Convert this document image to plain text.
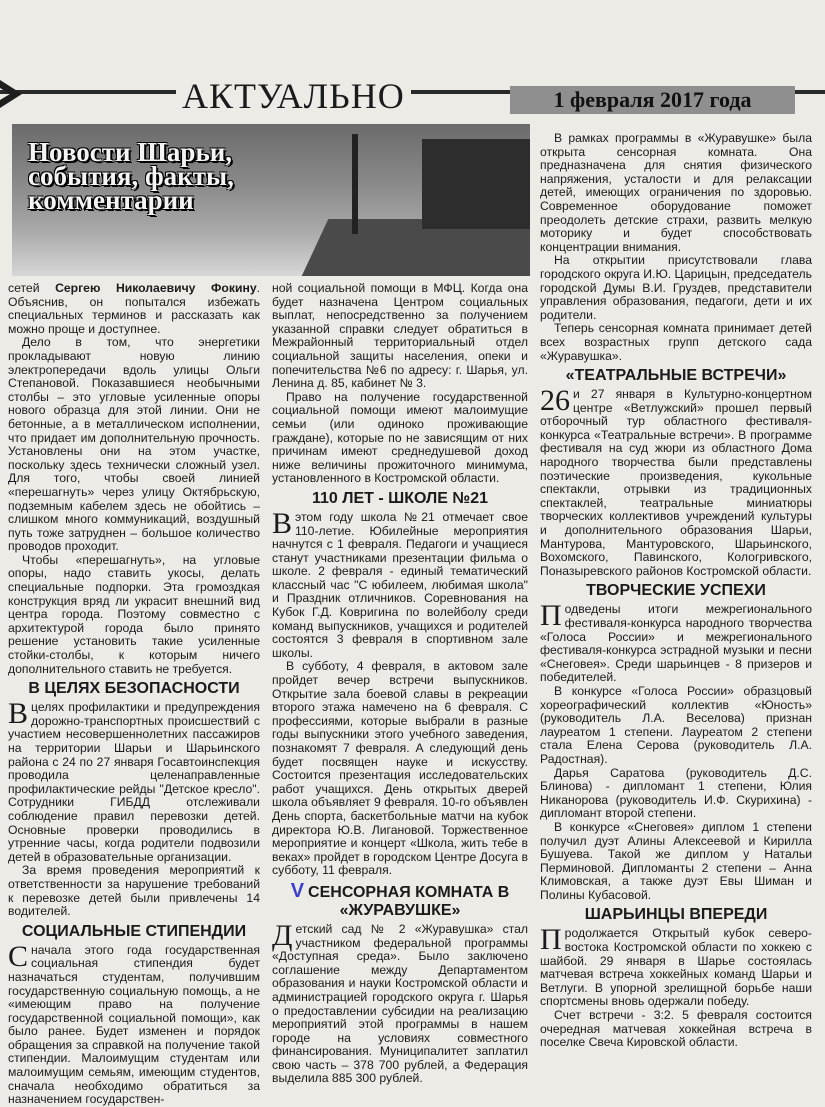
АКТУАЛЬНО	1 февраля 2017 года
Новости Шарьи, события, факты, комментарии

сетей Сергею Николаевичу Фокину. Объяснив, он попытался избежать специальных терминов и рассказать как можно проще и доступнее.

Дело в том, что энергетики прокладывают новую линию электропередачи вдоль улицы Ольги Степановой. Показавшиеся необычными столбы – это угловые усиленные опоры нового образца для этой линии. Они не бетонные, а в металлическом исполнении, что придает им дополнительную прочность. Установлены они на этом участке, поскольку здесь технически сложный узел. Для того, чтобы своей линией «перешагнуть» через улицу Октябрьскую, подземным кабелем здесь не обойтись – слишком много коммуникаций, воздушный путь тоже затруднен – большое количество проводов проходит.

Чтобы «перешагнуть», на угловые опоры, надо ставить укосы, делать специальные подпорки. Эта громоздкая конструкция вряд ли украсит внешний вид центра города. Поэтому совместно с архитектурой города было принято решение установить такие усиленные стойки-столбы, к которым ничего дополнительного ставить не требуется.

В ЦЕЛЯХ БЕЗОПАСНОСТИ

Вцелях профилактики и предупреждения дорожно-транспортных происшествий с участием несовершеннолетних пассажиров на территории Шарьи и Шарьинского района с 24 по 27 января Госавтоинспекция проводила целенаправленные профилактические рейды "Детское кресло". Сотрудники ГИБДД отслеживали соблюдение правил перевозки детей. Основные проверки проводились в утренние часы, когда родители подвозили детей в образовательные организации.

За время проведения мероприятий к ответственности за нарушение требований к перевозке детей были привлечены 14 водителей.

СОЦИАЛЬНЫЕ СТИПЕНДИИ

Сначала этого года государственная социальная стипендия будет назначаться студентам, получившим государственную социальную помощь, а не «имеющим право на получение государственной социальной помощи», как было ранее. Будет изменен и порядок обращения за справкой на получение такой стипендии. Малоимущим студентам или малоимущим семьям, имеющим студентов, сначала необходимо обратиться за назначением государствен-

ной социальной помощи в МФЦ. Когда она будет назначена Центром социальных выплат, непосредственно за получением указанной справки следует обратиться в Межрайонный территориальный отдел социальной защиты населения, опеки и попечительства №6 по адресу: г. Шарья, ул. Ленина д. 85, кабинет № 3.

Право на получение государственной социальной помощи имеют малоимущие семьи (или одиноко проживающие граждане), которые по не зависящим от них причинам имеют среднедушевой доход ниже величины прожиточного минимума, установленного в Костромской области.

110 ЛЕТ - ШКОЛЕ №21

Вэтом году школа №21 отмечает свое 110-летие. Юбилейные мероприятия начнутся с 1 февраля. Педагоги и учащиеся станут участниками презентации фильма о школе. 2 февраля - единый тематический классный час "С юбилеем, любимая школа" и Праздник отличников. Соревнования на Кубок Г.Д. Ковригина по волейболу среди команд выпускников, учащихся и родителей состоятся 3 февраля в спортивном зале школы.

В субботу, 4 февраля, в актовом зале пройдет вечер встречи выпускников. Открытие зала боевой славы в рекреации второго этажа намечено на 6 февраля. С профессиями, которые выбрали в разные годы выпускники этого учебного заведения, познакомят 7 февраля. А следующий день будет посвящен науке и искусству. Состоится презентация исследовательских работ учащихся. День открытых дверей школа объявляет 9 февраля. 10-го объявлен День спорта, баскетбольные матчи на кубок директора Ю.В. Лигановой. Торжественное мероприятие и концерт «Школа, жить тебе в веках» пройдет в городском Центре Досуга в субботу, 11 февраля.

V СЕНСОРНАЯ КОМНАТА В «ЖУРАВУШКЕ»

Детский сад № 2 «Журавушка» стал участником федеральной программы «Доступная среда». Было заключено соглашение между Департаментом образования и науки Костромской области и администрацией городского округа г. Шарья о предоставлении субсидии на реализацию мероприятий этой программы в нашем городе на условиях совместного финансирования. Муниципалитет заплатил свою часть – 378 700 рублей, а Федерация выделила 885 300 рублей.

В рамках программы в «Журавушке» была открыта сенсорная комната. Она предназначена для снятия физического напряжения, усталости и для релаксации детей, имеющих ограничения по здоровью. Современное оборудование поможет преодолеть детские страхи, развить мелкую моторику и будет способствовать концентрации внимания.

На открытии присутствовали глава городского округа И.Ю. Царицын, председатель городской Думы В.И. Груздев, представители управления образования, педагоги, дети и их родители.

Теперь сенсорная комната принимает детей всех возрастных групп детского сада «Журавушка».

«ТЕАТРАЛЬНЫЕ ВСТРЕЧИ»

26 и 27 января в Культурно-концертном центре «Ветлужский» прошел первый отборочный тур областного фестиваля-конкурса «Театральные встречи». В программе фестиваля на суд жюри из областного Дома народного творчества были представлены поэтические произведения, кукольные спектакли, отрывки из традиционных спектаклей, театральные миниатюры творческих коллективов учреждений культуры и дополнительного образования Шарьи, Мантурова, Мантуровского, Шарьинского, Вохомского, Павинского, Кологривского, Поназыревского районов Костромской области.

ТВОРЧЕСКИЕ УСПЕХИ

Подведены итоги межрегионального фестиваля-конкурса народного творчества «Голоса России» и межрегионального фестиваля-конкурса эстрадной музыки и песни «Снеговея». Среди шарьинцев - 8 призеров и победителей.

В конкурсе «Голоса России» образцовый хореографический коллектив «Юность» (руководитель Л.А. Веселова) признан лауреатом 1 степени. Лауреатом 2 степени стала Елена Серова (руководитель Л.А. Радостная).

Дарья Саратова (руководитель Д.С. Блинова) - дипломант 1 степени, Юлия Никанорова (руководитель И.Ф. Скурихина) - дипломант второй степени.

В конкурсе «Снеговея» диплом 1 степени получил дуэт Алины Алексеевой и Кирилла Бушуева. Такой же диплом у Натальи Перминовой. Дипломанты 2 степени – Анна Климовская, а также дуэт Евы Шиман и Полины Кубасовой.

ШАРЬИНЦЫ ВПЕРЕДИ

Продолжается Открытый кубок северо-востока Костромской области по хоккею с шайбой. 29 января в Шарье состоялась матчевая встреча хоккейных команд Шарьи и Ветлуги. В упорной зрелищной борьбе наши спортсмены вновь одержали победу.

Счет встречи - 3:2. 5 февраля состоится очередная матчевая хоккейная встреча в поселке Свеча Кировской области.
